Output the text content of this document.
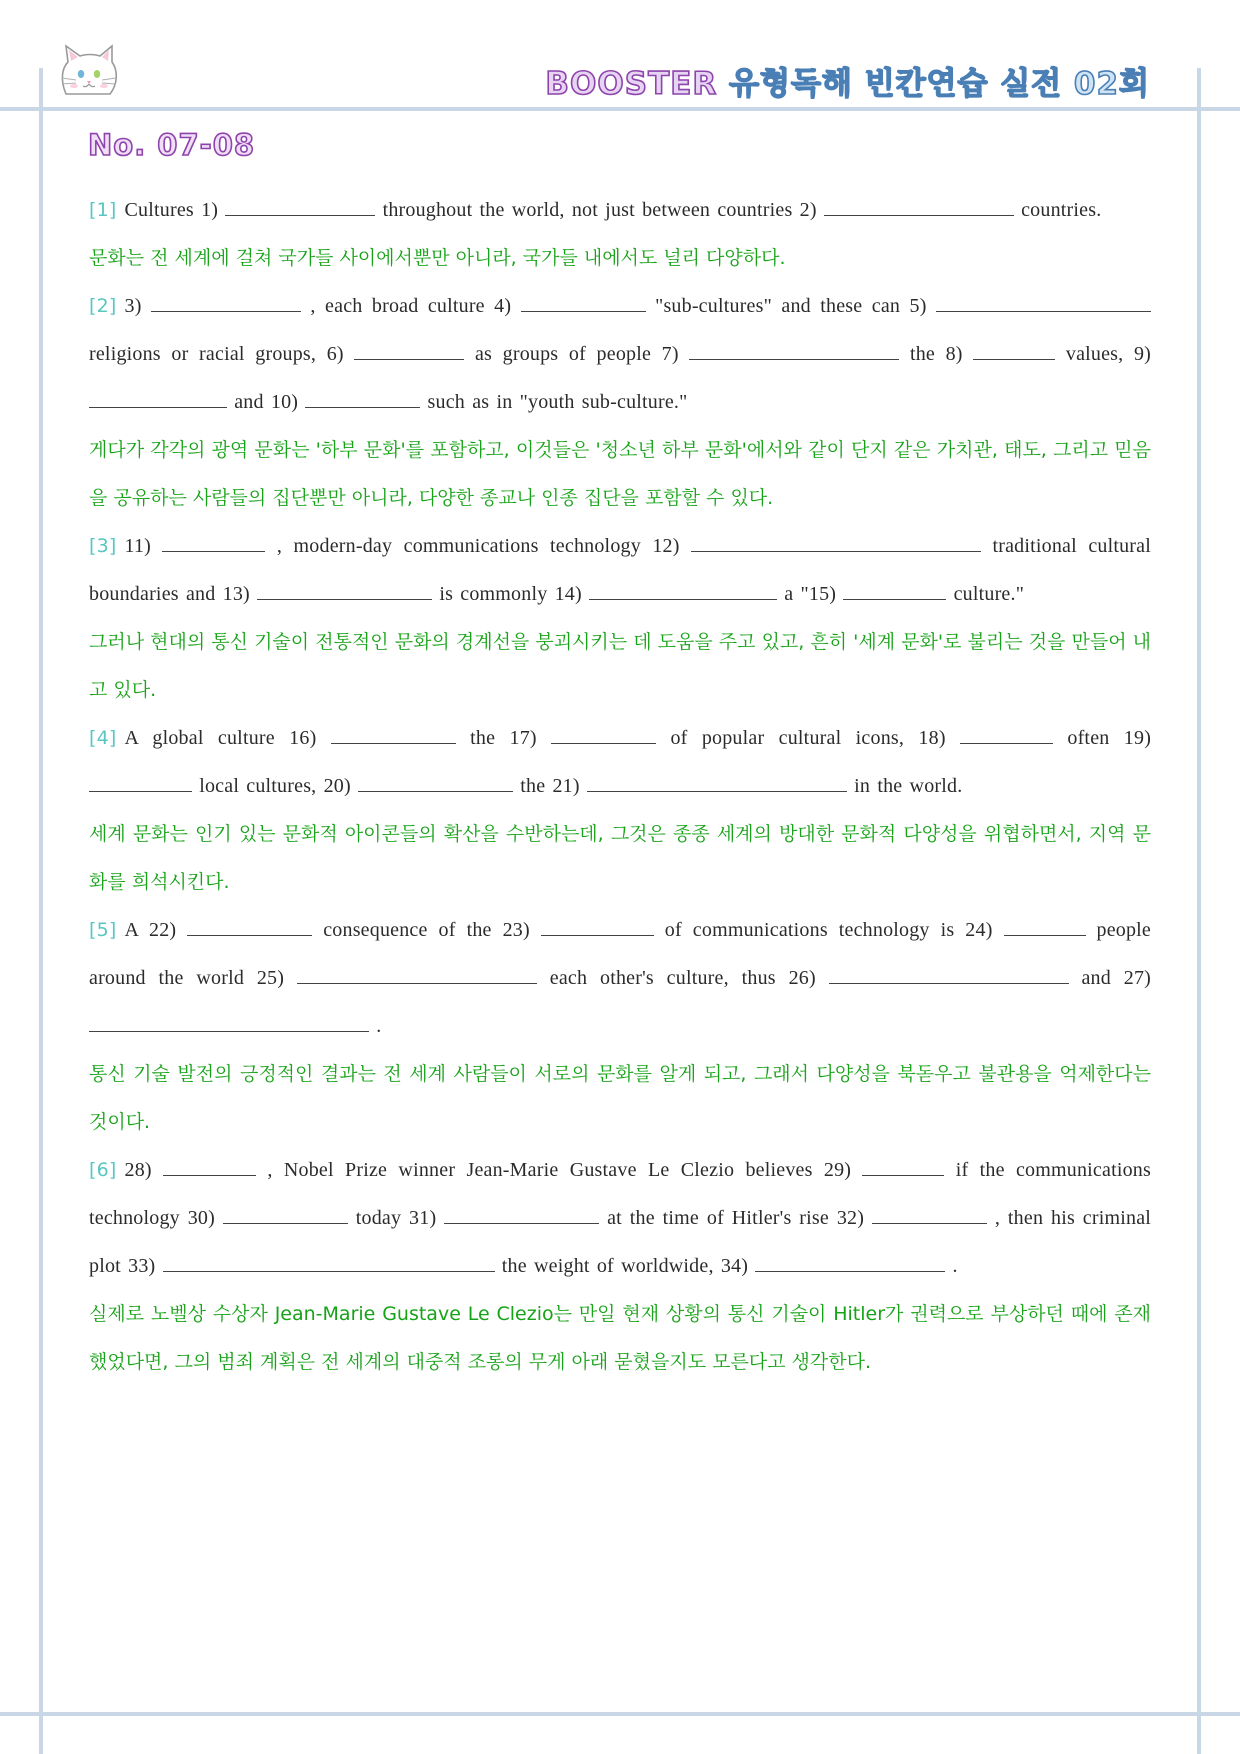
BOOSTER 유형독해 빈칸연습 실전 02회
No. 07-08

[1] Cultures 1)	throughout the world, not just between countries 2)	countries.

문화는 전 세계에 걸쳐 국가들 사이에서뿐만 아니라, 국가들 내에서도 널리 다양하다.

[2] 3)	, each broad culture 4)	"sub-cultures" and these can 5)  religions or racial groups, 6)	as groups of people 7)	the 8)	values, 9)  and 10)	such as in "youth sub-culture."

게다가 각각의 광역 문화는 '하부 문화'를 포함하고, 이것들은 '청소년 하부 문화'에서와 같이 단지 같은 가치관, 태도, 그리고 믿음을 공유하는 사람들의 집단뿐만 아니라, 다양한 종교나 인종 집단을 포함할 수 있다.

[3] 11)	, modern-day communications technology 12)	traditional cultural boundaries and 13)	is commonly 14)	a "15)	culture."

그러나 현대의 통신 기술이 전통적인 문화의 경계선을 붕괴시키는 데 도움을 주고 있고, 흔히 '세계 문화'로 불리는 것을 만들어 내고 있다.

[4] A global culture 16)	the 17)	of popular cultural icons, 18)	often 19)  local cultures, 20)	the 21)	in the world.

세계 문화는 인기 있는 문화적 아이콘들의 확산을 수반하는데, 그것은 종종 세계의 방대한 문화적 다양성을 위협하면서, 지역 문화를 희석시킨다.

[5] A 22)	consequence of the 23)	of communications technology is 24)	people around the world 25)	each other's culture, thus 26)	and 27)  .

통신 기술 발전의 긍정적인 결과는 전 세계 사람들이 서로의 문화를 알게 되고, 그래서 다양성을 북돋우고 불관용을 억제한다는 것이다.

[6] 28)	, Nobel Prize winner Jean-Marie Gustave Le Clezio believes 29)	if the communications technology 30)	today 31)	at the time of Hitler's rise 32)	, then his criminal plot 33)	the weight of worldwide, 34)	.

실제로 노벨상 수상자 Jean-Marie Gustave Le Clezio는 만일 현재 상황의 통신 기술이 Hitler가 권력으로 부상하던 때에 존재했었다면, 그의 범죄 계획은 전 세계의 대중적 조롱의 무게 아래 묻혔을지도 모른다고 생각한다.
